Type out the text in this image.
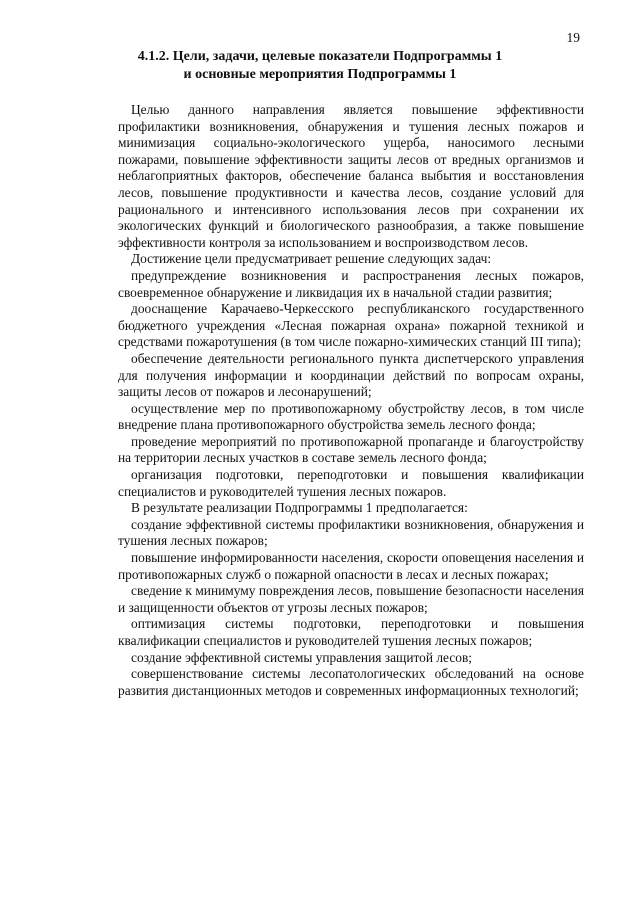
19
4.1.2. Цели, задачи, целевые показатели Подпрограммы 1
и основные мероприятия Подпрограммы 1

Целью данного направления является повышение эффективности профилактики возникновения, обнаружения и тушения лесных пожаров и минимизация социально-экологического ущерба, наносимого лесными пожарами, повышение эффективности защиты лесов от вредных организмов и неблагоприятных факторов, обеспечение баланса выбытия и восстановления лесов, повышение продуктивности и качества лесов, создание условий для рационального и интенсивного использования лесов при сохранении их экологических функций и биологического разнообразия, а также повышение эффективности контроля за использованием и воспроизводством лесов.

Достижение цели предусматривает решение следующих задач:

предупреждение возникновения и распространения лесных пожаров, своевременное обнаружение и ликвидация их в начальной стадии развития;

дооснащение Карачаево-Черкесского республиканского государственного бюджетного учреждения «Лесная пожарная охрана» пожарной техникой и средствами пожаротушения (в том числе пожарно-химических станций III типа);

обеспечение деятельности регионального пункта диспетчерского управления для получения информации и координации действий по вопросам охраны, защиты лесов от пожаров и лесонарушений;

осуществление мер по противопожарному обустройству лесов, в том числе внедрение плана противопожарного обустройства земель лесного фонда;

проведение мероприятий по противопожарной пропаганде и благоустройству на территории лесных участков в составе земель лесного фонда;

организация подготовки, переподготовки и повышения квалификации специалистов и руководителей тушения лесных пожаров.

В результате реализации Подпрограммы 1 предполагается:

создание эффективной системы профилактики возникновения, обнаружения и тушения лесных пожаров;

повышение информированности населения, скорости оповещения населения и противопожарных служб о пожарной опасности в лесах и лесных пожарах;

сведение к минимуму повреждения лесов, повышение безопасности населения и защищенности объектов от угрозы лесных пожаров;

оптимизация системы подготовки, переподготовки и повышения квалификации специалистов и руководителей тушения лесных пожаров;

создание эффективной системы управления защитой лесов;

совершенствование системы лесопатологических обследований на основе развития дистанционных методов и современных информационных технологий;
